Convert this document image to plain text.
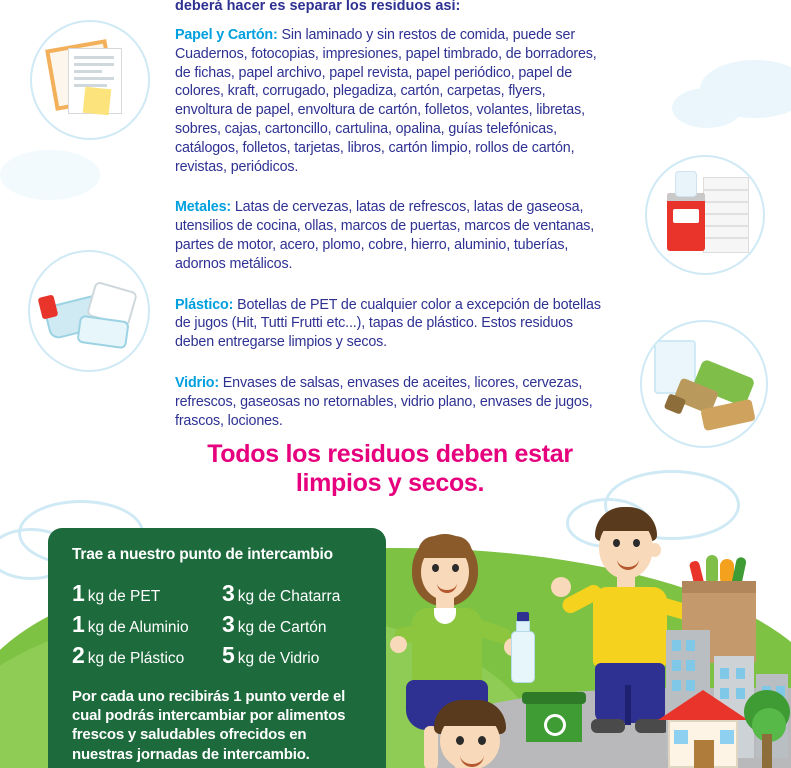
deberá hacer es separar los residuos así:

Papel y Cartón: Sin laminado y sin restos de comida, puede ser Cuadernos, fotocopias, impresiones, papel timbrado, de borradores, de fichas, papel archivo, papel revista, papel periódico, papel de colores, kraft, corrugado, plegadiza, cartón, carpetas, flyers, envoltura de papel, envoltura de cartón, folletos, volantes, libretas, sobres, cajas, cartoncillo, cartulina, opalina, guías telefónicas, catálogos, folletos, tarjetas, libros, cartón limpio, rollos de cartón, revistas, periódicos.

Metales: Latas de cervezas, latas de refrescos, latas de gaseosa, utensilios de cocina, ollas, marcos de puertas, marcos de ventanas, partes de motor, acero, plomo, cobre, hierro, aluminio, tuberías, adornos metálicos.

Plástico: Botellas de PET de cualquier color a excepción de botellas de jugos (Hit, Tutti Frutti etc...), tapas de plástico. Estos residuos deben entregarse limpios y secos.

Vidrio: Envases de salsas, envases de aceites, licores, cervezas, refrescos, gaseosas no retornables, vidrio plano, envases de jugos, frascos, lociones.

Todos los residuos deben estar limpios y secos.
Trae a nuestro punto de intercambio
1 kg de PET	3 kg de Chatarra
1 kg de Aluminio	3 kg de Cartón
2 kg de Plástico	5 kg de Vidrio
Por cada uno recibirás 1 punto verde el cual podrás intercambiar por alimentos frescos y saludables ofrecidos en nuestras jornadas de intercambio.
